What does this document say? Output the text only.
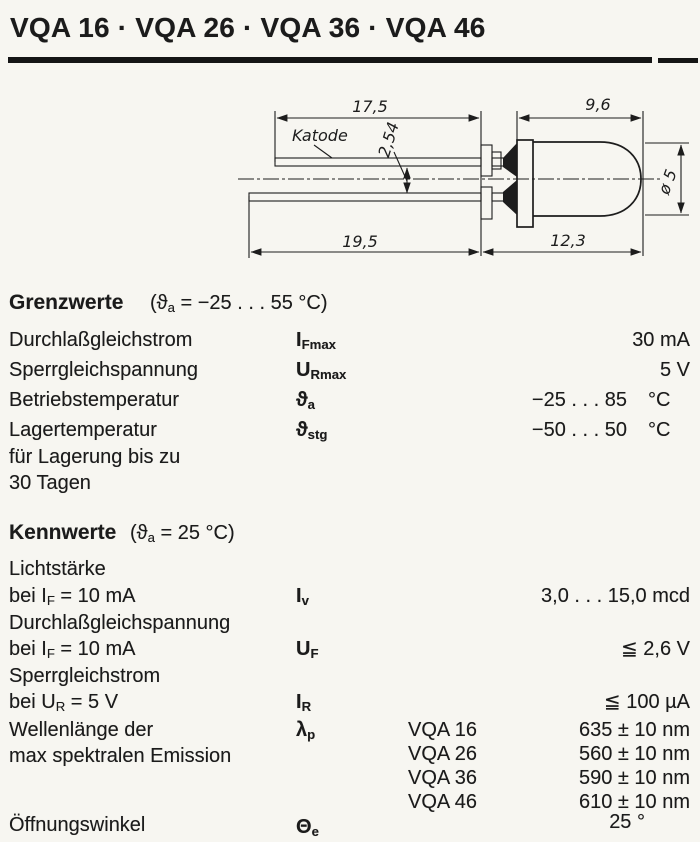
VQA 16 · VQA 26 · VQA 36 · VQA 46
17,5	9,6
2,54
19,5	12,3
ø 5
Katode
Grenzwerte (ϑa = −25 . . . 55 °C)
Durchlaßgleichstrom	IFmax	30 mA
Sperrgleichspannung	URmax	5 V
Betriebstemperatur	ϑa	−25 . . . 85 °C
Lagertemperatur	ϑstg	−50 . . . 50 °C
für Lagerung bis zu
30 Tagen
Kennwerte (ϑa = 25 °C)
Lichtstärke
bei IF = 10 mA	Iv	3,0 . . . 15,0 mcd
Durchlaßgleichspannung
bei IF = 10 mA	UF	≦ 2,6 V
Sperrgleichstrom
bei UR = 5 V	IR	≦ 100 µA
Wellenlänge der
max spektralen Emission
λp	VQA 16	635 ± 10 nm
VQA 26	560 ± 10 nm
VQA 36	590 ± 10 nm
VQA 46	610 ± 10 nm
Öffnungswinkel	Θe	25 °
